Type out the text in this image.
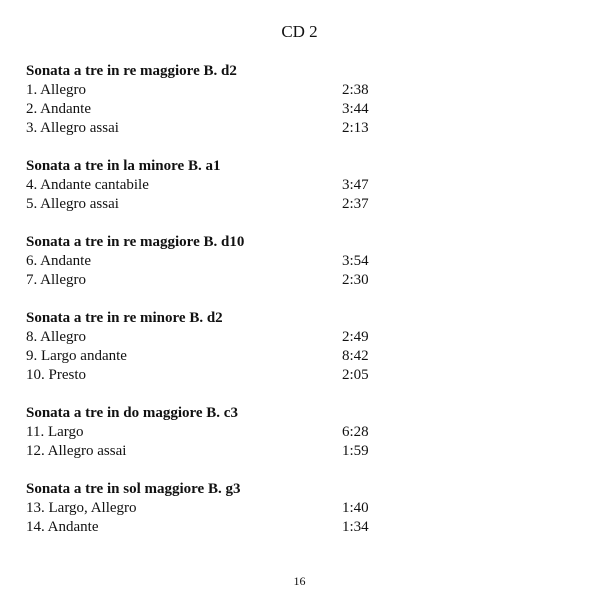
CD 2
Sonata a tre in re maggiore B. d2
1. Allegro	2:38
2. Andante	3:44
3. Allegro assai	2:13
Sonata a tre in la minore B. a1
4. Andante cantabile	3:47
5. Allegro assai	2:37
Sonata a tre in re maggiore B. d10
6. Andante	3:54
7. Allegro	2:30
Sonata a tre in re minore B. d2
8. Allegro	2:49
9. Largo andante	8:42
10. Presto	2:05
Sonata a tre in do maggiore B. c3
11. Largo	6:28
12. Allegro assai	1:59
Sonata a tre in sol maggiore B. g3
13. Largo, Allegro	1:40
14. Andante	1:34
16
